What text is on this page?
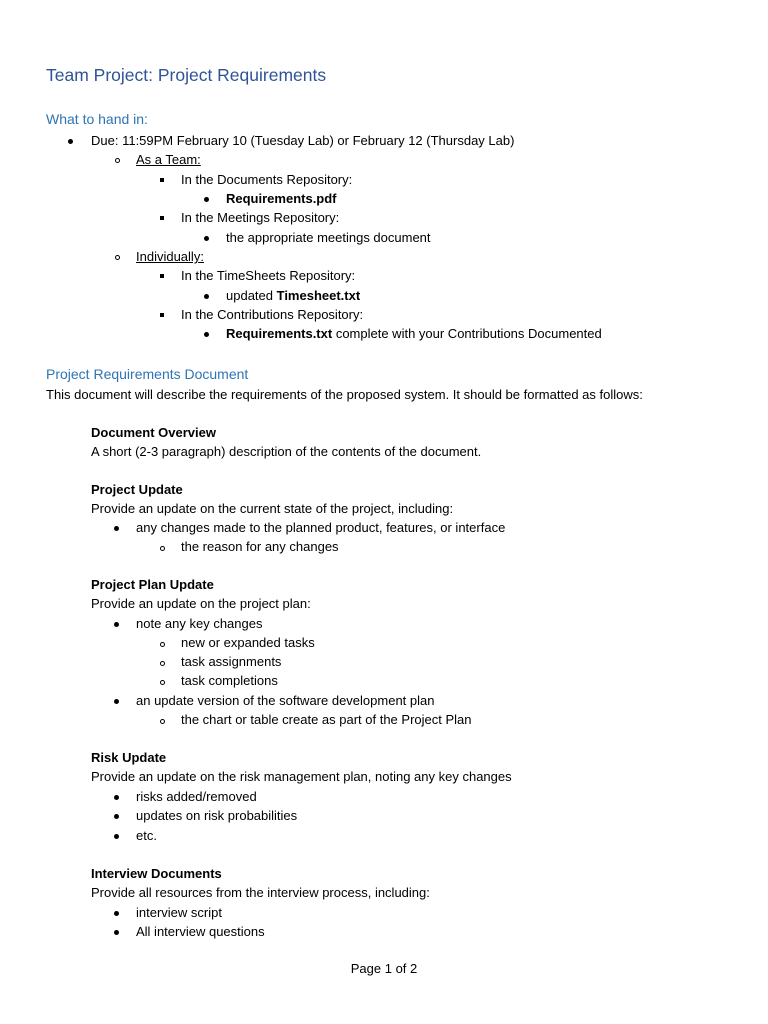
Team Project: Project Requirements
What to hand in:
Due: 11:59PM February 10 (Tuesday Lab) or February 12 (Thursday Lab)
As a Team:
In the Documents Repository:
Requirements.pdf
In the Meetings Repository:
the appropriate meetings document
Individually:
In the TimeSheets Repository:
updated Timesheet.txt
In the Contributions Repository:
Requirements.txt complete with your Contributions Documented
Project Requirements Document
This document will describe the requirements of the proposed system. It should be formatted as follows:
Document Overview
A short (2-3 paragraph) description of the contents of the document.
Project Update
Provide an update on the current state of the project, including:
any changes made to the planned product, features, or interface
the reason for any changes
Project Plan Update
Provide an update on the project plan:
note any key changes
new or expanded tasks
task assignments
task completions
an update version of the software development plan
the chart or table create as part of the Project Plan
Risk Update
Provide an update on the risk management plan, noting any key changes
risks added/removed
updates on risk probabilities
etc.
Interview Documents
Provide all resources from the interview process, including:
interview script
All interview questions
Page 1 of 2
